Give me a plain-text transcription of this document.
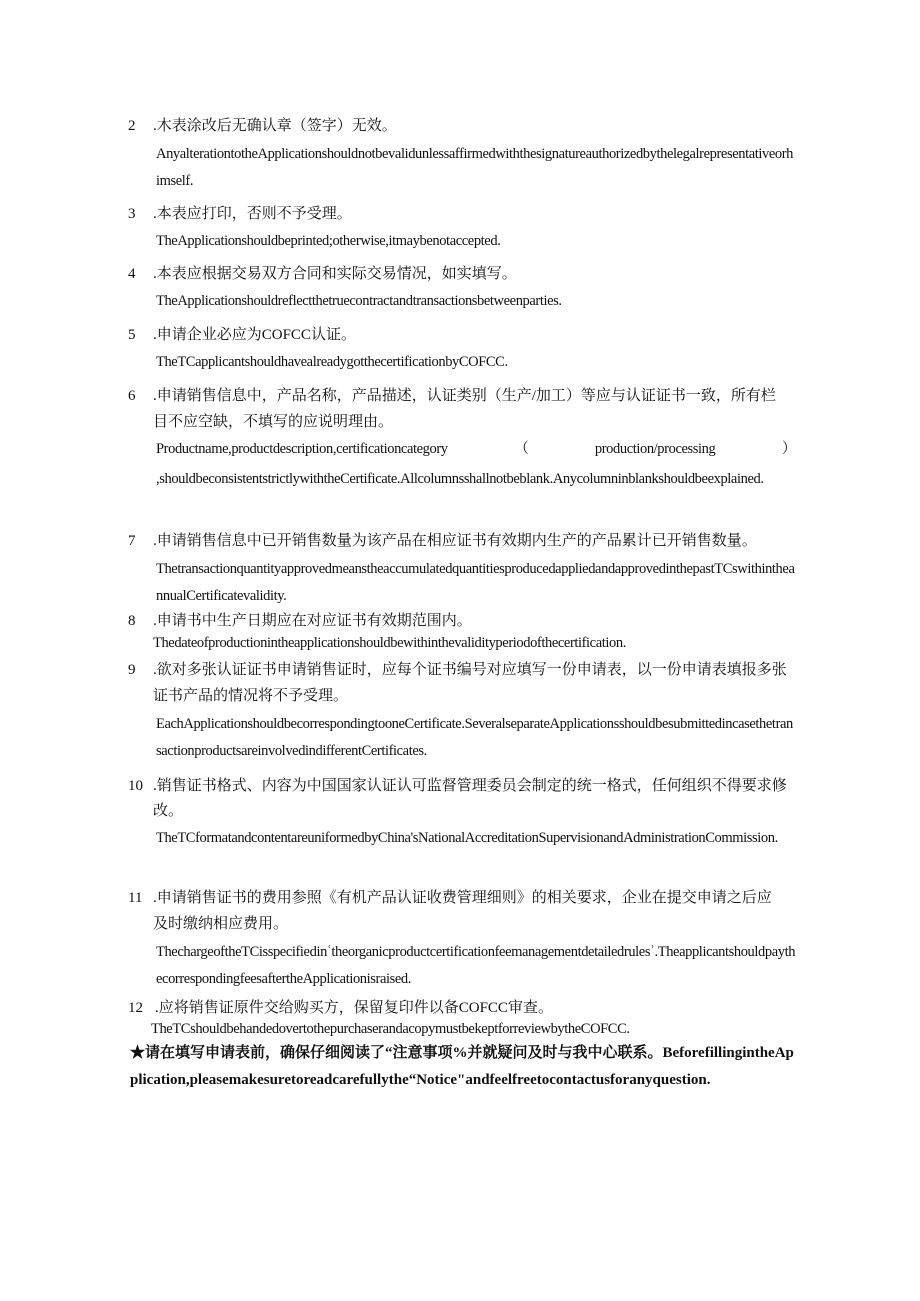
2 .木表涂改后无确认章（签字）无效。
AnyalterationtotheApplicationshouldnotbevalidunlessaffirmedwiththesignatureauthorizedbythelegalrepresentativeorhimself.
3 .本表应打印，否则不予受理。
TheApplicationshouldbeprinted;otherwise,itmaybenotaccepted.
4 .本表应根据交易双方合同和实际交易情况，如实填写。
TheApplicationshouldreflectthetruecontractandtransactionsbetweenparties.
5 .申请企业必应为COFCC认证。
TheTCapplicantshouldhavealreadygotthecertificationbyCOFCC.
6 .申请销售信息中，产品名称，产品描述，认证类别（生产/加工）等应与认证证书一致，所有栏
目不应空缺，不填写的应说明理由。
Productname,productdescription,certificationcategory（production/processing）
,shouldbeconsistentstrictlywiththeCertificate.Allcolumnsshallnotbeblank.Anycolumninblankshouldbeexplained.
7 .申请销售信息中已开销售数量为该产品在相应证书有效期内生产的产品累计已开销售数量。
ThetransactionquantityapprovedmeanstheaccumulatedquantitiesproducedappliedandapprovedinthepastTCswithintheannualCertificatevalidity.
8 .申请书中生产日期应在对应证书有效期范围内。
Thedateofproductionintheapplicationshouldbewithinthevalidityperiodofthecertification.
9 .欲对多张认证证书申请销售证时，应每个证书编号对应填写一份申请表，以一份申请表填报多张
证书产品的情况将不予受理。
EachApplicationshouldbecorrespondingtooneCertificate.SeveralseparateApplicationsshouldbesubmittedincasethetransactionproductsareinvolvedindifferentCertificates.
10 .销售证书格式、内容为中国国家认证认可监督管理委员会制定的统一格式，任何组织不得要求修
改。
TheTCformatandcontentareuniformedbyChina'sNationalAccreditationSupervisionandAdministrationCommission.
11 .申请销售证书的费用参照《有机产品认证收费管理细则》的相关要求，企业在提交申请之后应
及时缴纳相应费用。
ThechargeoftheTCisspecifiedinʿtheorganicproductcertificationfeemanagementdetailedrulesʾ.TheapplicantshouldpaythecorrespondingfeesaftertheApplicationisraised.
12 .应将销售证原件交给购买方，保留复印件以备COFCC审查。
TheTCshouldbehandedovertothepurchaserandacopymustbekeptforreviewbytheCOFCC.
★请在填写申请表前，确保仔细阅读了“注意事项%并就疑问及时与我中心联系。BeforefillingintheApplication,pleasemakesuretoreadcarefullythe“Notice"andfeelfreetocontactusforanyquestion.
